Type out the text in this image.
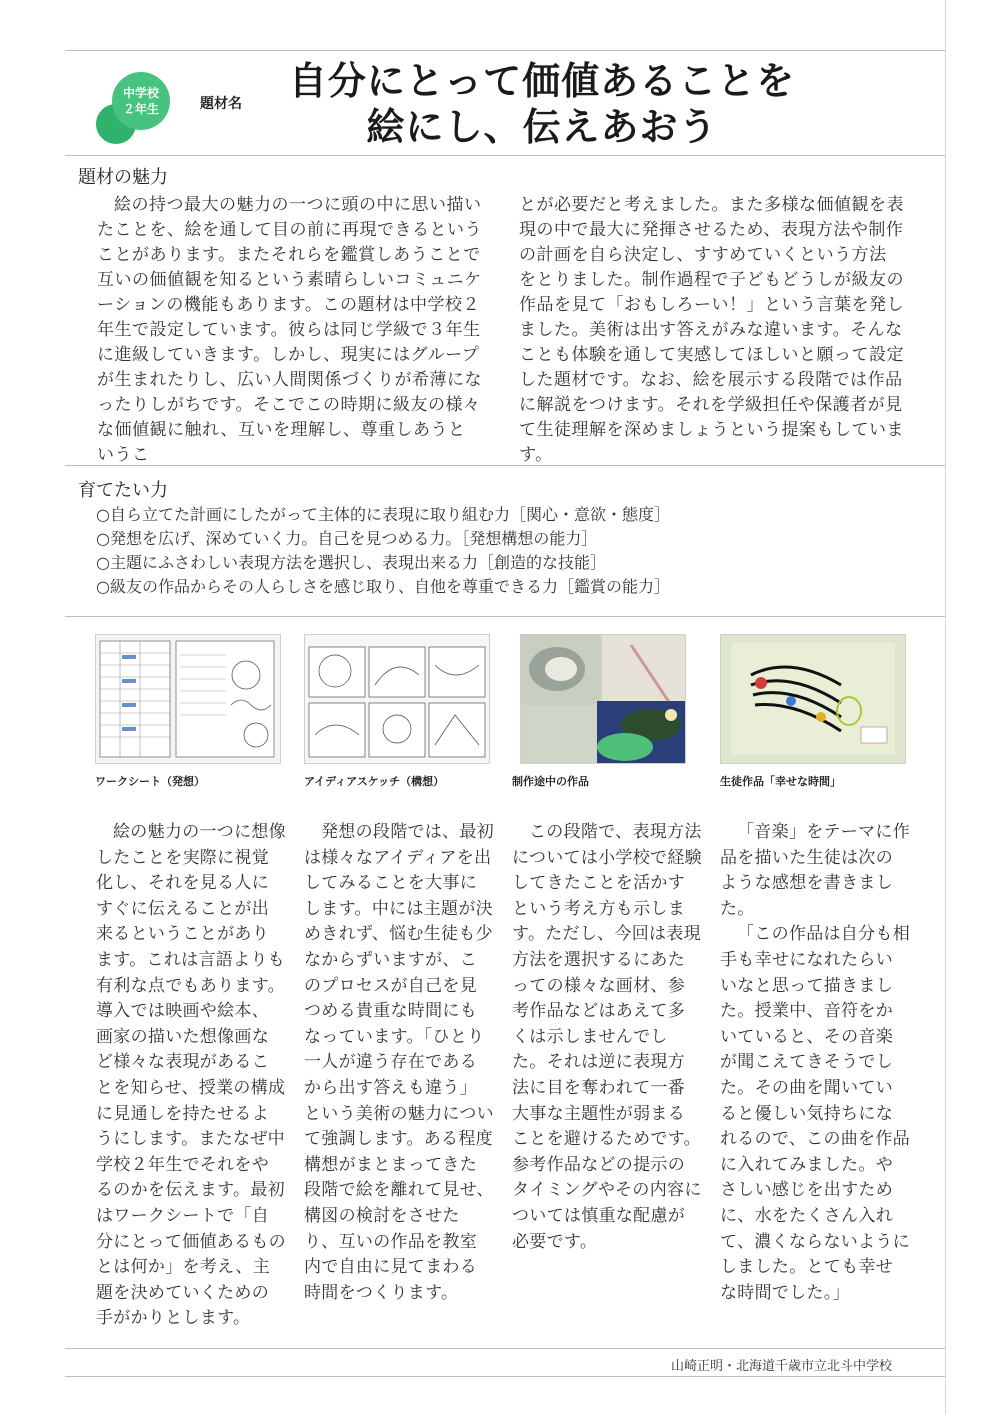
中学校
２年生	題材名
自分にとって価値あることを
絵にし、伝えあおう
題材の魅力

絵の持つ最大の魅力の一つに頭の中に思い描いたことを、絵を通して目の前に再現できるということがあります。またそれらを鑑賞しあうことで互いの価値観を知るという素晴らしいコミュニケーションの機能もあります。この題材は中学校２年生で設定しています。彼らは同じ学級で３年生に進級していきます。しかし、現実にはグループが生まれたりし、広い人間関係づくりが希薄になったりしがちです。そこでこの時期に級友の様々な価値観に触れ、互いを理解し、尊重しあうというこ

とが必要だと考えました。また多様な価値観を表現の中で最大に発揮させるため、表現方法や制作の計画を自ら決定し、すすめていくという方法をとりました。制作過程で子どもどうしが級友の作品を見て「おもしろーい！」という言葉を発しました。美術は出す答えがみな違います。そんなことも体験を通して実感してほしいと願って設定した題材です。なお、絵を展示する段階では作品に解説をつけます。それを学級担任や保護者が見て生徒理解を深めましょうという提案もしています。

育てたい力
○自ら立てた計画にしたがって主体的に表現に取り組む力［関心・意欲・態度］
○発想を広げ、深めていく力。自己を見つめる力。［発想構想の能力］
○主題にふさわしい表現方法を選択し、表現出来る力［創造的な技能］
○級友の作品からその人らしさを感じ取り、自他を尊重できる力［鑑賞の能力］
ワークシート（発想）	アイディアスケッチ（構想）	制作途中の作品	生徒作品「幸せな時間」

絵の魅力の一つに想像したことを実際に視覚化し、それを見る人にすぐに伝えることが出来るということがあります。これは言語よりも有利な点でもあります。導入では映画や絵本、画家の描いた想像画など様々な表現があることを知らせ、授業の構成に見通しを持たせるようにします。またなぜ中学校２年生でそれをやるのかを伝えます。最初はワークシートで「自分にとって価値あるものとは何か」を考え、主題を決めていくための手がかりとします。

発想の段階では、最初は様々なアイディアを出してみることを大事にします。中には主題が決めきれず、悩む生徒も少なからずいますが、このプロセスが自己を見つめる貴重な時間にもなっています。「ひとり一人が違う存在であるから出す答えも違う」という美術の魅力について強調します。ある程度構想がまとまってきた段階で絵を離れて見せ、構図の検討をさせたり、互いの作品を教室内で自由に見てまわる時間をつくります。

この段階で、表現方法については小学校で経験してきたことを活かすという考え方も示します。ただし、今回は表現方法を選択するにあたっての様々な画材、参考作品などはあえて多くは示しませんでした。それは逆に表現方法に目を奪われて一番大事な主題性が弱まることを避けるためです。参考作品などの提示のタイミングやその内容については慎重な配慮が必要です。

「音楽」をテーマに作品を描いた生徒は次のような感想を書きました。

「この作品は自分も相手も幸せになれたらいいなと思って描きました。授業中、音符をかいていると、その音楽が聞こえてきそうでした。その曲を聞いていると優しい気持ちになれるので、この曲を作品に入れてみました。やさしい感じを出すために、水をたくさん入れて、濃くならないようにしました。とても幸せな時間でした。」

山崎正明・北海道千歳市立北斗中学校
